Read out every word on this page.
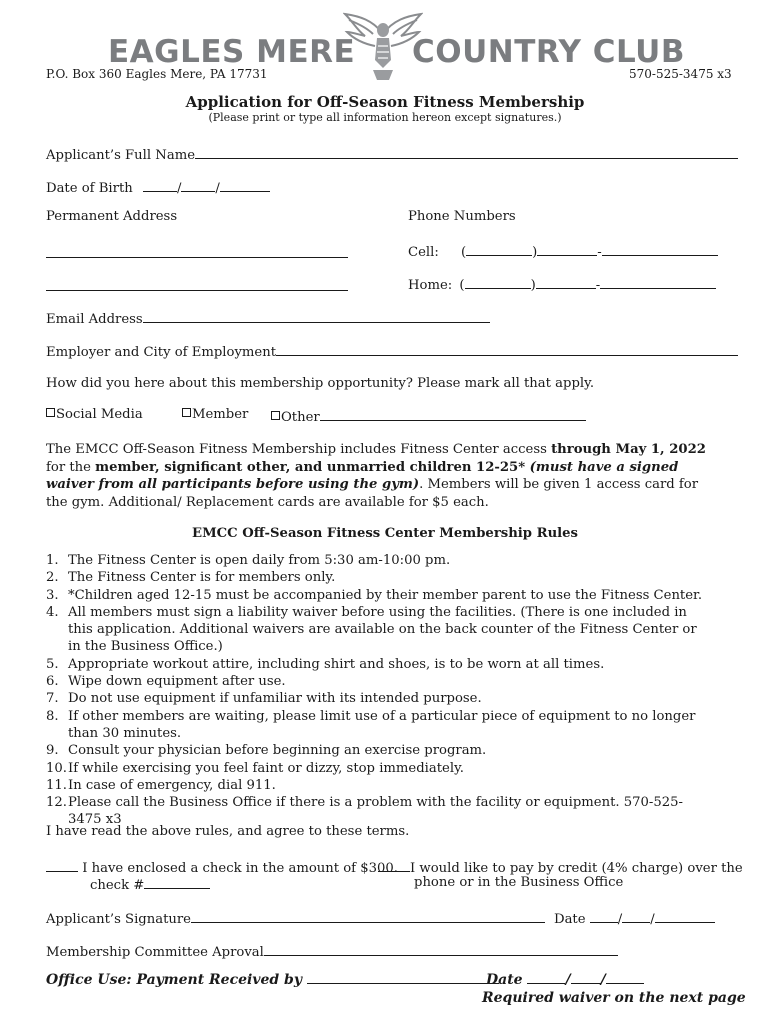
EAGLES MERE COUNTRY CLUB
P.O. Box 360 Eagles Mere, PA 17731	570-525-3475 x3
Application for Off-Season Fitness Membership
(Please print or type all information hereon except signatures.)
Applicant’s Full Name
Date of Birth	/	/
Permanent Address	Phone Numbers
Cell: (	)	-
Home: (	)	-
Email Address
Employer and City of Employment
How did you here about this membership opportunity? Please mark all that apply.
Social Media	Member	Other
The EMCC Off-Season Fitness Membership includes Fitness Center access through May 1, 2022 for the member, significant other, and unmarried children 12-25* (must have a signed waiver from all participants before using the gym). Members will be given 1 access card for the gym. Additional/ Replacement cards are available for $5 each.
EMCC Off-Season Fitness Center Membership Rules
1. The Fitness Center is open daily from 5:30 am-10:00 pm.
2. The Fitness Center is for members only.
3. *Children aged 12-15 must be accompanied by their member parent to use the Fitness Center.
4. All members must sign a liability waiver before using the facilities. (There is one included in this application. Additional waivers are available on the back counter of the Fitness Center or in the Business Office.)
5. Appropriate workout attire, including shirt and shoes, is to be worn at all times.
6. Wipe down equipment after use.
7. Do not use equipment if unfamiliar with its intended purpose.
8. If other members are waiting, please limit use of a particular piece of equipment to no longer than 30 minutes.
9. Consult your physician before beginning an exercise program.
10. If while exercising you feel faint or dizzy, stop immediately.
11. In case of emergency, dial 911.
12. Please call the Business Office if there is a problem with the facility or equipment. 570-525-3475 x3
I have read the above rules, and agree to these terms.
I have enclosed a check in the amount of $300.
check #
I would like to pay by credit (4% charge) over the
phone or in the Business Office
Applicant’s Signature	Date / /
Membership Committee Aproval
Office Use: Payment Received by	Date	/ /
Required waiver on the next page
